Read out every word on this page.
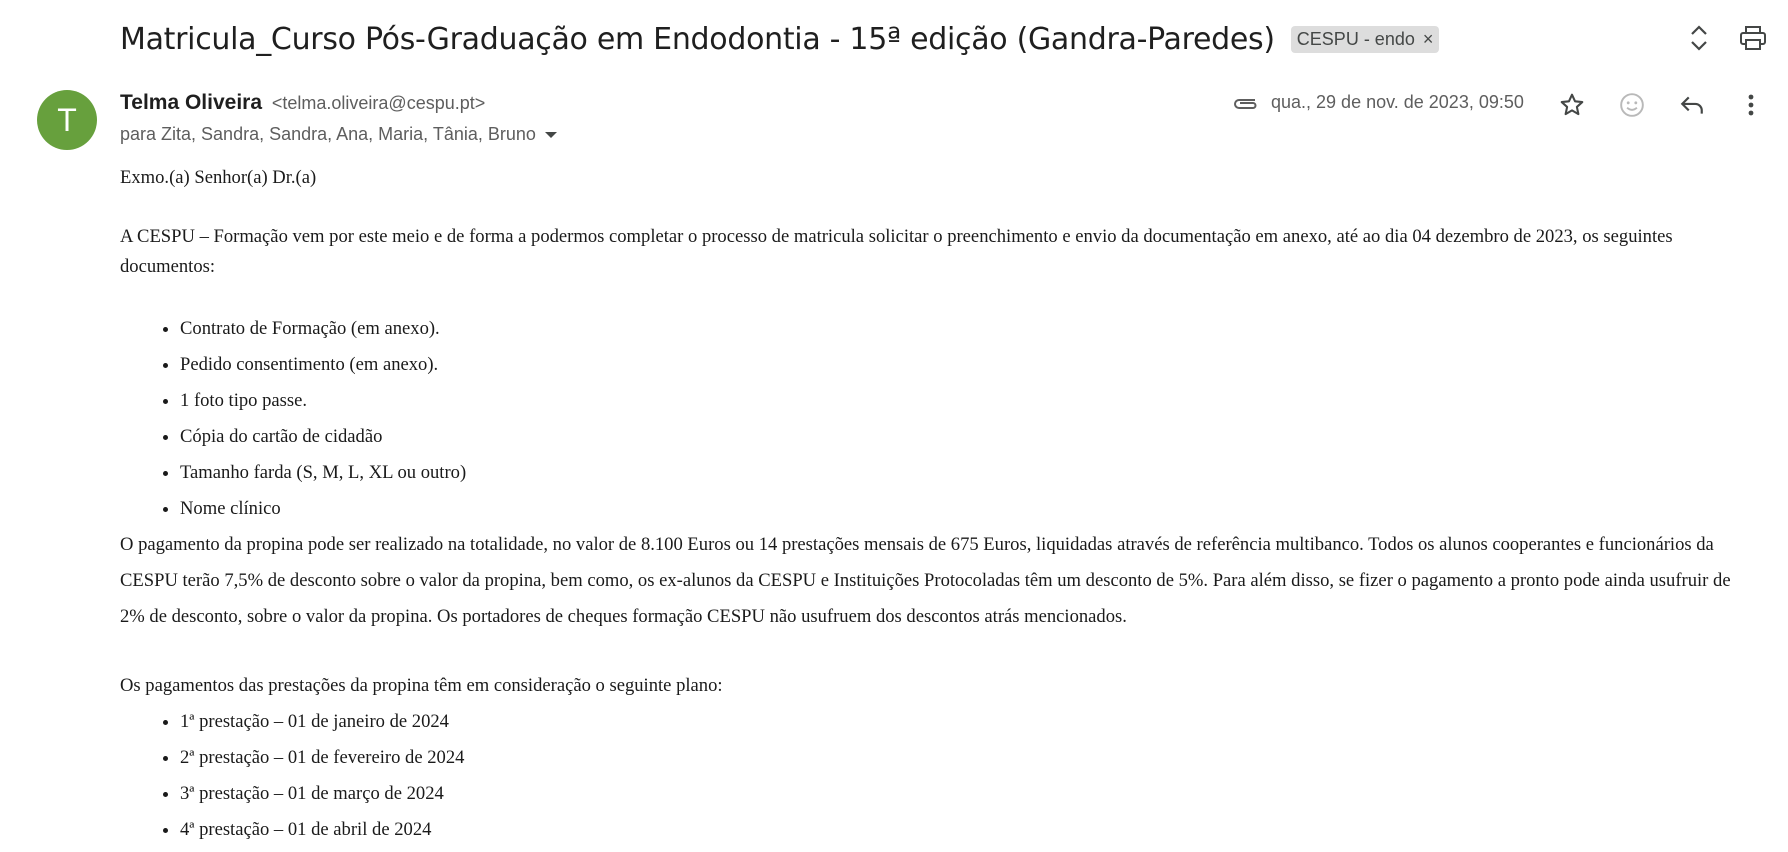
Matricula_Curso Pós-Graduação em Endodontia - 15ª edição (Gandra-Paredes) CESPU - endo ×
T	Telma Oliveira <telma.oliveira@cespu.pt>
para Zita, Sandra, Sandra, Ana, Maria, Tânia, Bruno
qua., 29 de nov. de 2023, 09:50

Exmo.(a) Senhor(a) Dr.(a)

A CESPU – Formação vem por este meio e de forma a podermos completar o processo de matricula solicitar o preenchimento e envio da documentação em anexo, até ao dia 04 dezembro de 2023, os seguintes documentos:

• Contrato de Formação (em anexo).
• Pedido consentimento (em anexo).
• 1 foto tipo passe.
• Cópia do cartão de cidadão
• Tamanho farda (S, M, L, XL ou outro)
• Nome clínico

O pagamento da propina pode ser realizado na totalidade, no valor de 8.100 Euros ou 14 prestações mensais de 675 Euros, liquidadas através de referência multibanco. Todos os alunos cooperantes e funcionários da CESPU terão 7,5% de desconto sobre o valor da propina, bem como, os ex-alunos da CESPU e Instituições Protocoladas têm um desconto de 5%. Para além disso, se fizer o pagamento a pronto pode ainda usufruir de 2% de desconto, sobre o valor da propina. Os portadores de cheques formação CESPU não usufruem dos descontos atrás mencionados.

Os pagamentos das prestações da propina têm em consideração o seguinte plano:

• 1ª prestação – 01 de janeiro de 2024
• 2ª prestação – 01 de fevereiro de 2024
• 3ª prestação – 01 de março de 2024
• 4ª prestação – 01 de abril de 2024
